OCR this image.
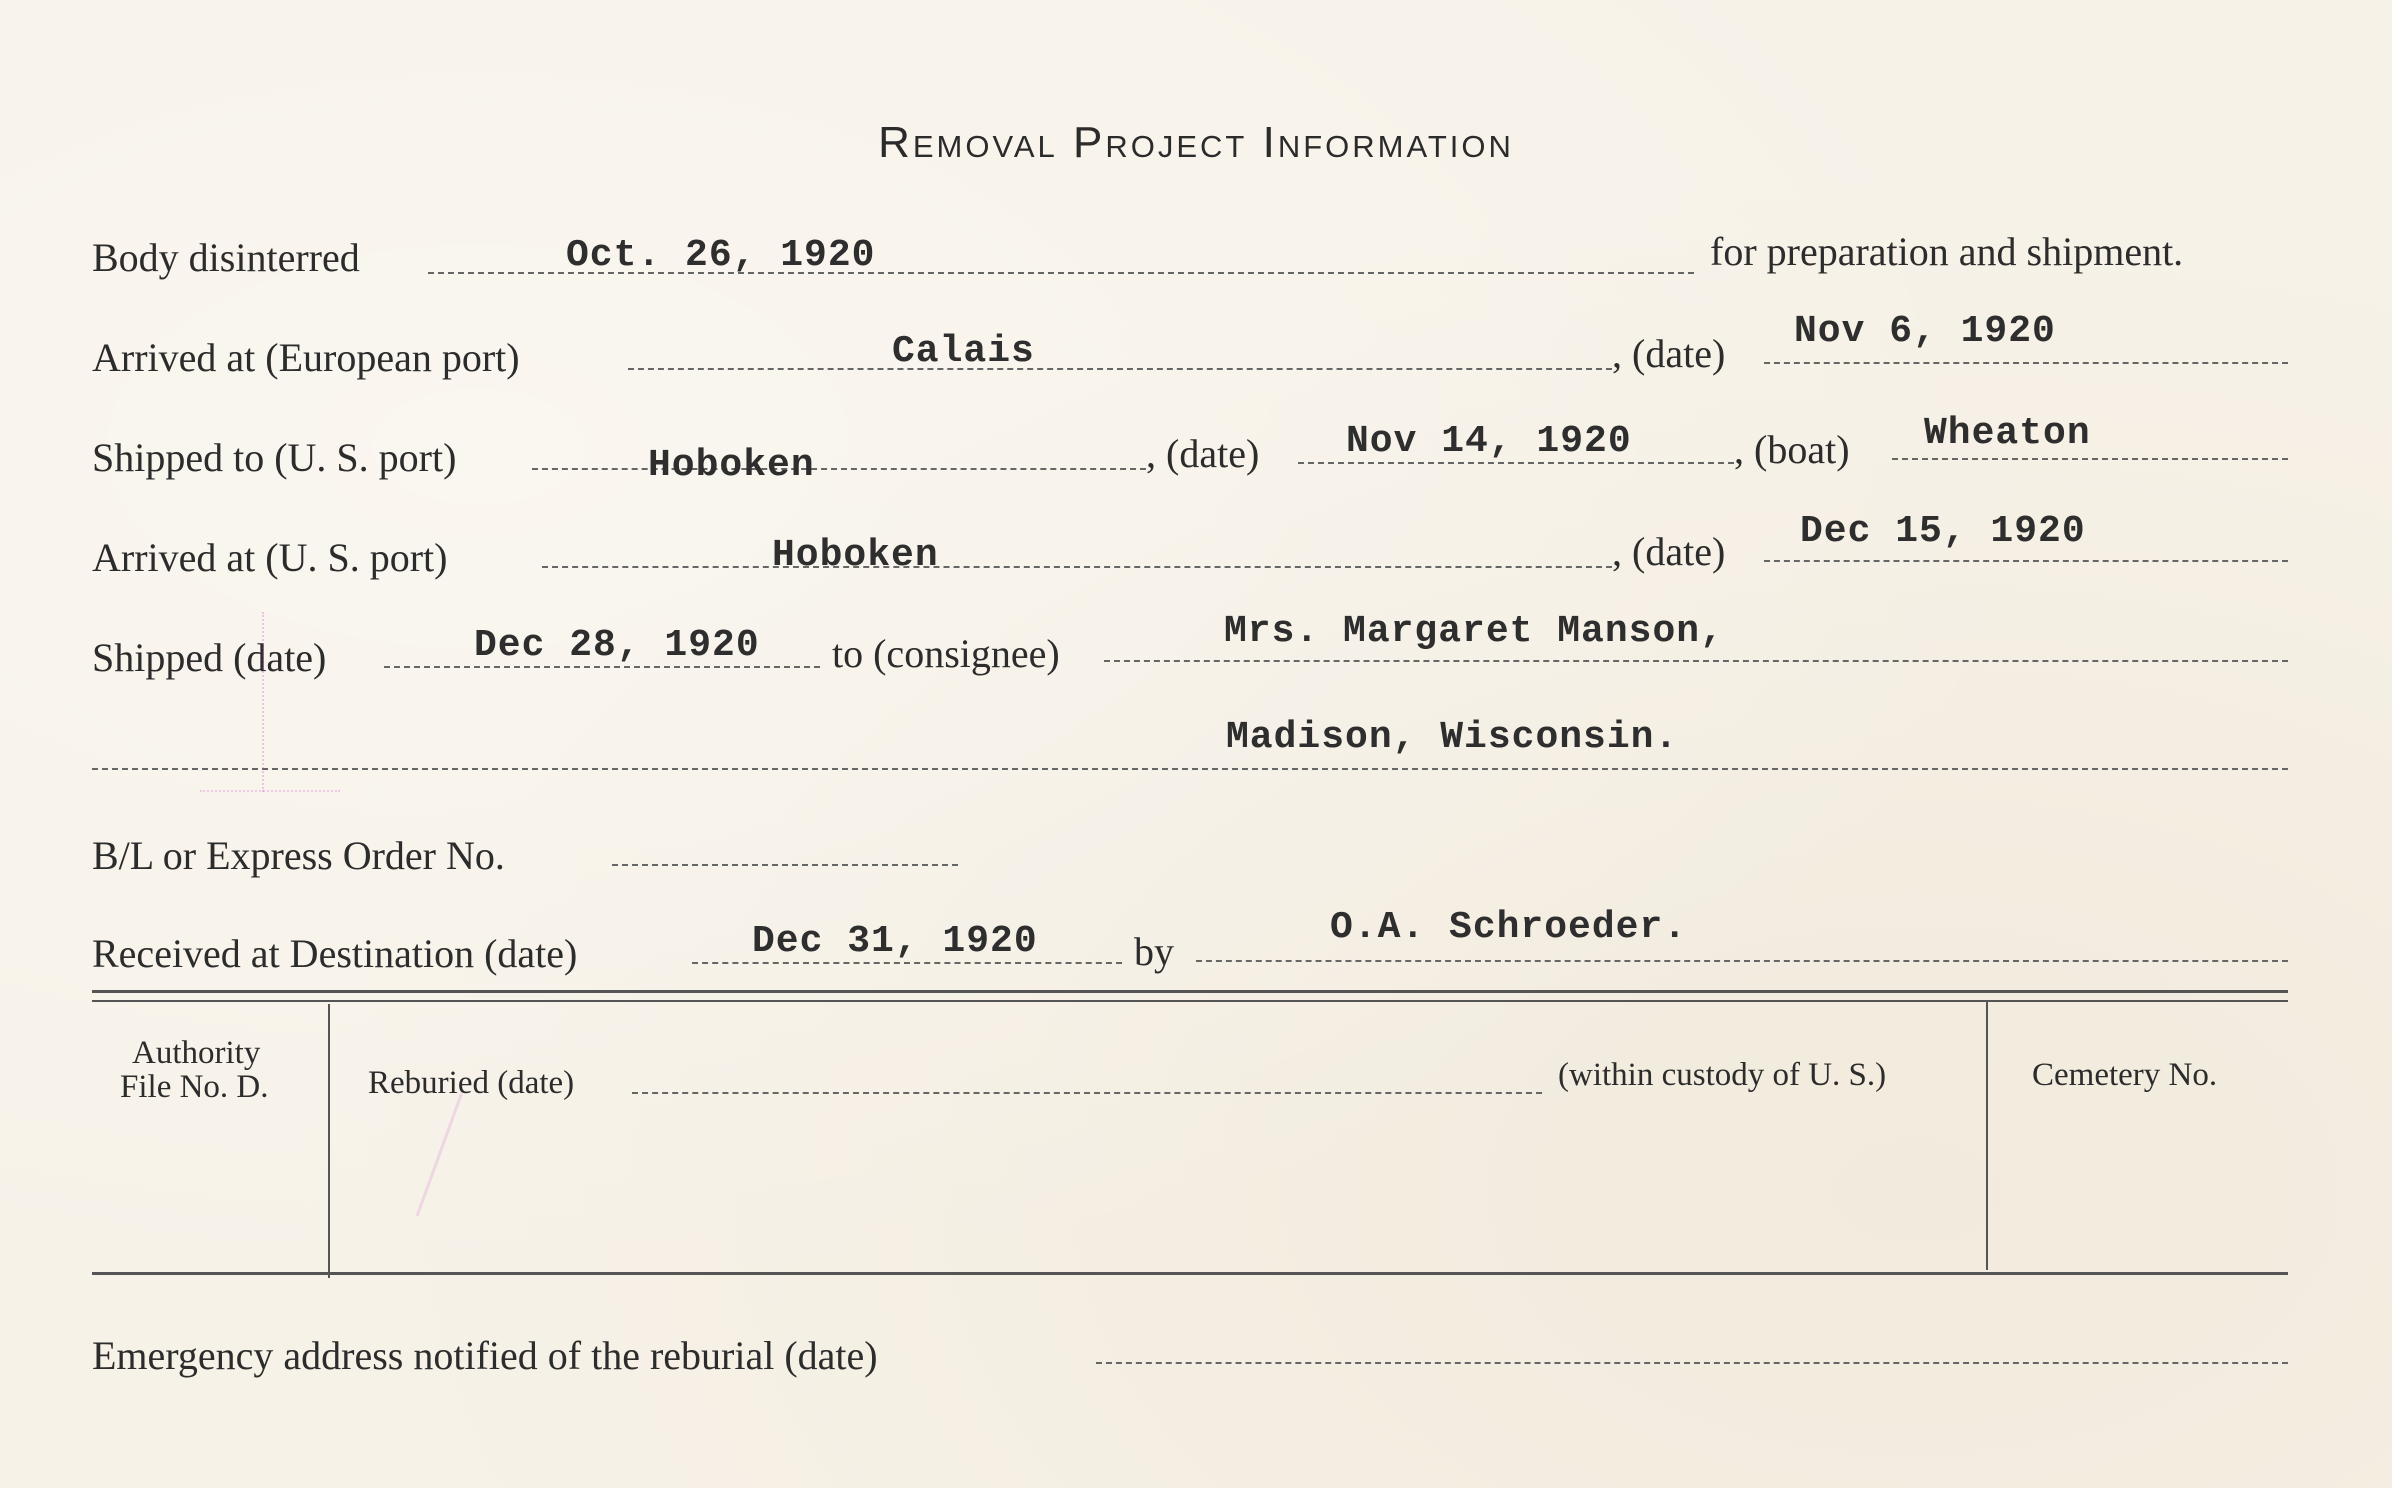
Removal Project Information
Body disinterred	Oct. 26, 1920	for preparation and shipment.
Arrived at (European port)	Calais	, (date) Nov 6, 1920
Shipped to (U. S. port)	Hoboken	, (date) Nov 14, 1920	, (boat) Wheaton
Arrived at (U. S. port)	Hoboken	, (date) Dec 15, 1920
Shipped (date)	Dec 28, 1920 to (consignee)	Mrs. Margaret Manson,
Madison, Wisconsin.
B/L or Express Order No.
Received at Destination (date)	Dec 31, 1920 by
O.A. Schroeder.
Authority
File No. D.	Reburied (date)	(within custody of U. S.)	Cemetery No.
Emergency address notified of the reburial (date)
